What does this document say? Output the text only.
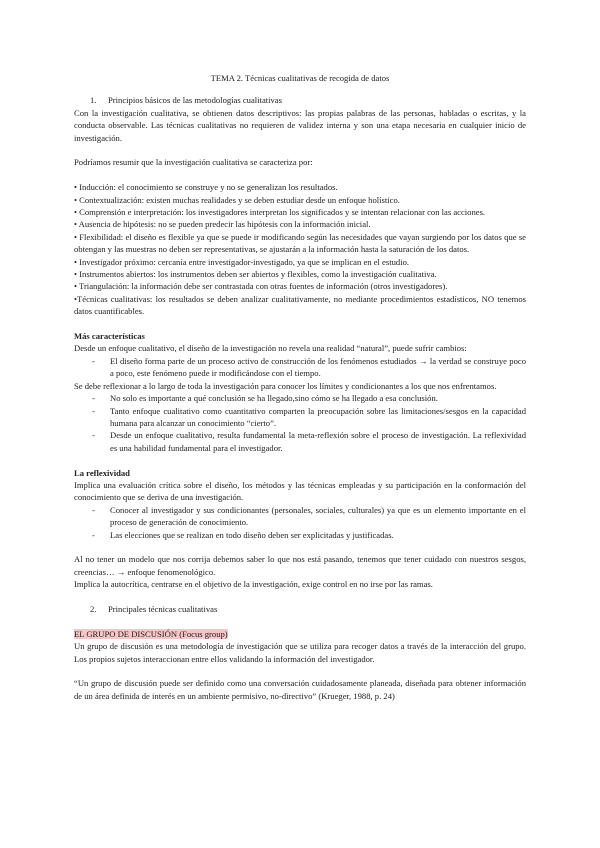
TEMA 2. Técnicas cualitativas de recogida de datos

1. Principios básicos de las metodologías cualitativas

Con la investigación cualitativa, se obtienen datos descriptivos: las propias palabras de las personas, habladas o escritas, y la conducta observable. Las técnicas cualitativas no requieren de validez interna y son una etapa necesaria en cualquier inicio de investigación.

Podríamos resumir que la investigación cualitativa se caracteriza por:

• Inducción: el conocimiento se construye y no se generalizan los resultados.

• Contextualización: existen muchas realidades y se deben estudiar desde un enfoque holístico.

• Comprensión e interpretación: los investigadores interpretan los significados y se intentan relacionar con las acciones.

• Ausencia de hipótesis: no se pueden predecir las hipótesis con la información inicial.

• Flexibilidad: el diseño es flexible ya que se puede ir modificando según las necesidades que vayan surgiendo por los datos que se obtengan y las muestras no deben ser representativas, se ajustarán a la información hasta la saturación de los datos.

• Investigador próximo: cercanía entre investigador-investigado, ya que se implican en el estudio.

• Instrumentos abiertos: los instrumentos deben ser abiertos y flexibles, como la investigación cualitativa.

• Triangulación: la información debe ser contrastada con otras fuentes de información (otros investigadores).

•Técnicas cualitativas: los resultados se deben analizar cualitativamente, no mediante procedimientos estadísticos, NO tenemos datos cuantificables.

Más características

Desde un enfoque cualitativo, el diseño de la investigación no revela una realidad “natural”, puede sufrir cambios:

-	El diseño forma parte de un proceso activo de construcción de los fenómenos estudiados → la verdad se construye poco a poco, este fenómeno puede ir modificándose con el tiempo.

Se debe reflexionar a lo largo de toda la investigación para conocer los límites y condicionantes a los que nos enfrentamos.

-	No solo es importante a qué conclusión se ha llegado,sino cómo se ha llegado a esa conclusión.
-	Tanto enfoque cualitativo como cuantitativo comparten la preocupación sobre las limitaciones/sesgos en la capacidad humana para alcanzar un conocimiento “cierto”.
-	Desde un enfoque cualitativo, resulta fundamental la meta-reflexión sobre el proceso de investigación. La reflexividad es una habilidad fundamental para el investigador.

La reflexividad

Implica una evaluación crítica sobre el diseño, los métodos y las técnicas empleadas y su participación en la conformación del conocimiento que se deriva de una investigación.

-	Conocer al investigador y sus condicionantes (personales, sociales, culturales) ya que es un elemento importante en el proceso de generación de conocimiento.
-	Las elecciones que se realizan en todo diseño deben ser explicitadas y justificadas.

Al no tener un modelo que nos corrija debemos saber lo que nos está pasando, tenemos que tener cuidado con nuestros sesgos, creencias… → enfoque fenomenológico.

Implica la autocrítica, centrarse en el objetivo de la investigación, exige control en no irse por las ramas.

2. Principales técnicas cualitativas

EL GRUPO DE DISCUSIÓN (Focus group)

Un grupo de discusión es una metodología de investigación que se utiliza para recoger datos a través de la interacción del grupo. Los propios sujetos interaccionan entre ellos validando la información del investigador.

“Un grupo de discusión puede ser definido como una conversación cuidadosamente planeada, diseñada para obtener información de un área definida de interés en un ambiente permisivo, no-directivo” (Krueger, 1988, p. 24)
